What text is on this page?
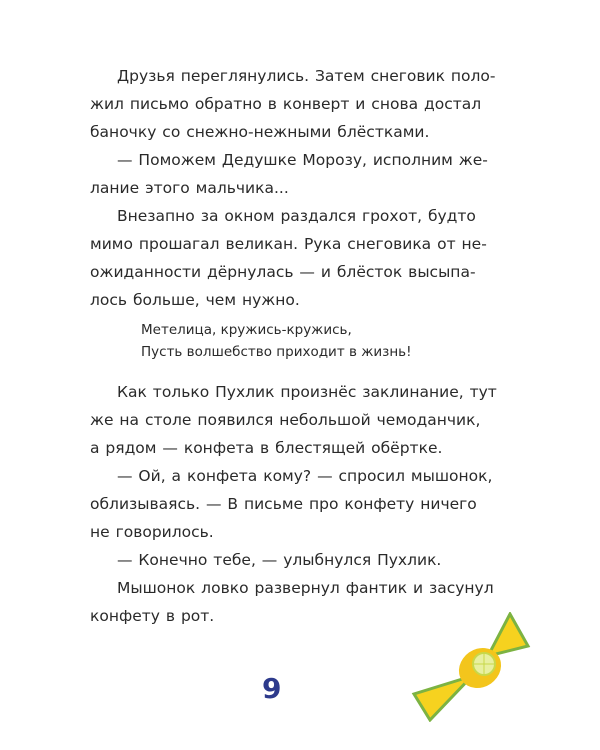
Друзья переглянулись. Затем снеговик поло-
жил письмо обратно в конверт и снова достал
баночку со снежно-нежными блёстками.
— Поможем Дедушке Морозу, исполним же-
лание этого мальчика...
Внезапно за окном раздался грохот, будто
мимо прошагал великан. Рука снеговика от не-
ожиданности дёрнулась — и блёсток высыпа-
лось больше, чем нужно.
Метелица, кружись-кружись,
Пусть волшебство приходит в жизнь!
Как только Пухлик произнёс заклинание, тут
же на столе появился небольшой чемоданчик,
а рядом — конфета в блестящей обёртке.
— Ой, а конфета кому? — спросил мышонок,
облизываясь. — В письме про конфету ничего
не говорилось.
— Конечно тебе, — улыбнулся Пухлик.
Мышонок ловко развернул фантик и засунул
конфету в рот.
9
